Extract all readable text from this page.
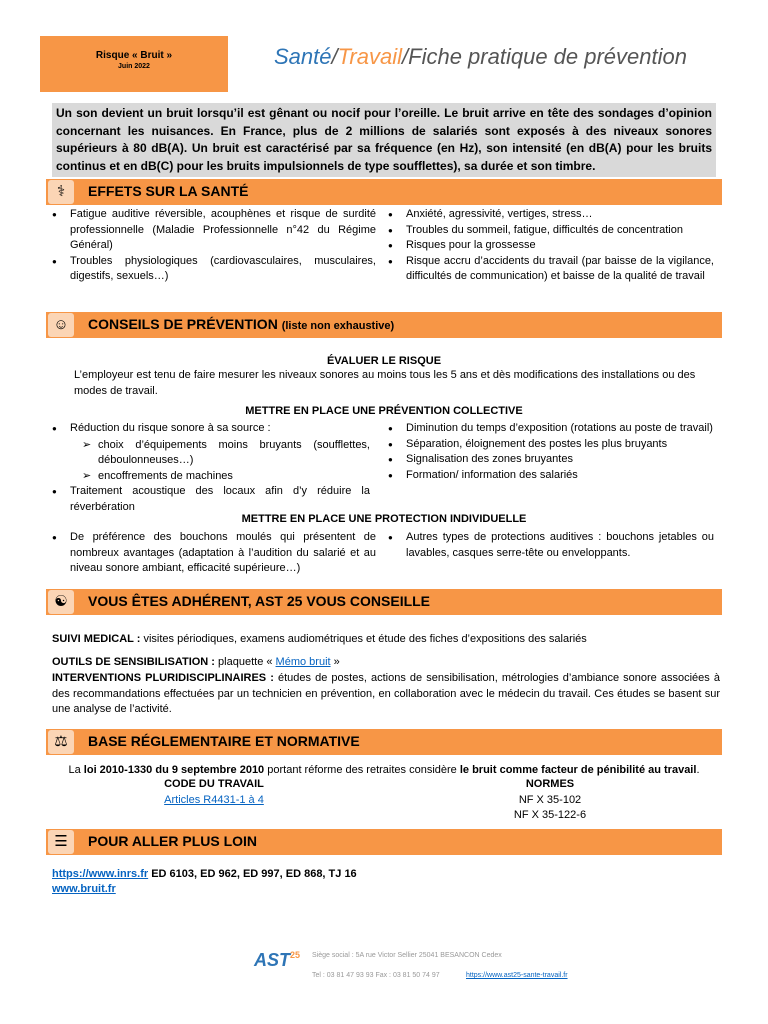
Risque « Bruit »
Juin 2022	Santé/Travail/Fiche pratique de prévention
Un son devient un bruit lorsqu’il est gênant ou nocif pour l’oreille. Le bruit arrive en tête des sondages d’opinion concernant les nuisances. En France, plus de 2 millions de salariés sont exposés à des niveaux sonores supérieurs à 80 dB(A). Un bruit est caractérisé par sa fréquence (en Hz), son intensité (en dB(A) pour les bruits continus et en dB(C) pour les bruits impulsionnels de type soufflettes), sa durée et son timbre.
⚕	EFFETS SUR LA SANTÉ
● Fatigue auditive réversible, acouphènes et risque de surdité professionnelle (Maladie Professionnelle n°42 du Régime Général)
● Troubles physiologiques (cardiovasculaires, musculaires, digestifs, sexuels…)
● Anxiété, agressivité, vertiges, stress…
● Troubles du sommeil, fatigue, difficultés de concentration
● Risques pour la grossesse
● Risque accru d’accidents du travail (par baisse de la vigilance, difficultés de communication) et baisse de la qualité de travail
☺	CONSEILS DE PRÉVENTION (liste non exhaustive)
ÉVALUER LE RISQUE
L’employeur est tenu de faire mesurer les niveaux sonores au moins tous les 5 ans et dès modifications des installations ou des modes de travail.
METTRE EN PLACE UNE PRÉVENTION COLLECTIVE
● Réduction du risque sonore à sa source :
➢ choix d’équipements moins bruyants (soufflettes, déboulonneuses…)
➢ encoffrements de machines
● Traitement acoustique des locaux afin d’y réduire la réverbération
● Diminution du temps d’exposition (rotations au poste de travail)
● Séparation, éloignement des postes les plus bruyants
● Signalisation des zones bruyantes
● Formation/ information des salariés
METTRE EN PLACE UNE PROTECTION INDIVIDUELLE
● De préférence des bouchons moulés qui présentent de nombreux avantages (adaptation à l’audition du salarié et au niveau sonore ambiant, efficacité supérieure…)
● Autres types de protections auditives : bouchons jetables ou lavables, casques serre-tête ou enveloppants.
☯	VOUS ÊTES ADHÉRENT, AST 25 VOUS CONSEILLE
SUIVI MEDICAL : visites périodiques, examens audiométriques et étude des fiches d’expositions des salariés
OUTILS DE SENSIBILISATION : plaquette « Mémo bruit »
INTERVENTIONS PLURIDISCIPLINAIRES : études de postes, actions de sensibilisation, métrologies d’ambiance sonore associées à des recommandations effectuées par un technicien en prévention, en collaboration avec le médecin du travail. Ces études se basent sur une analyse de l’activité.
⚖	BASE RÉGLEMENTAIRE ET NORMATIVE
La loi 2010-1330 du 9 septembre 2010 portant réforme des retraites considère le bruit comme facteur de pénibilité au travail.
CODE DU TRAVAIL
Articles R4431-1 à 4
NORMES
NF X 35-102
NF X 35-122-6
☰	POUR ALLER PLUS LOIN
https://www.inrs.fr ED 6103, ED 962, ED 997, ED 868, TJ 16
www.bruit.fr
AST$^{25}$ Siège social : 5A rue Victor Sellier 25041 BESANCON Cedex
Tel : 03 81 47 93 93 Fax : 03 81 50 74 97	https://www.ast25-sante-travail.fr
